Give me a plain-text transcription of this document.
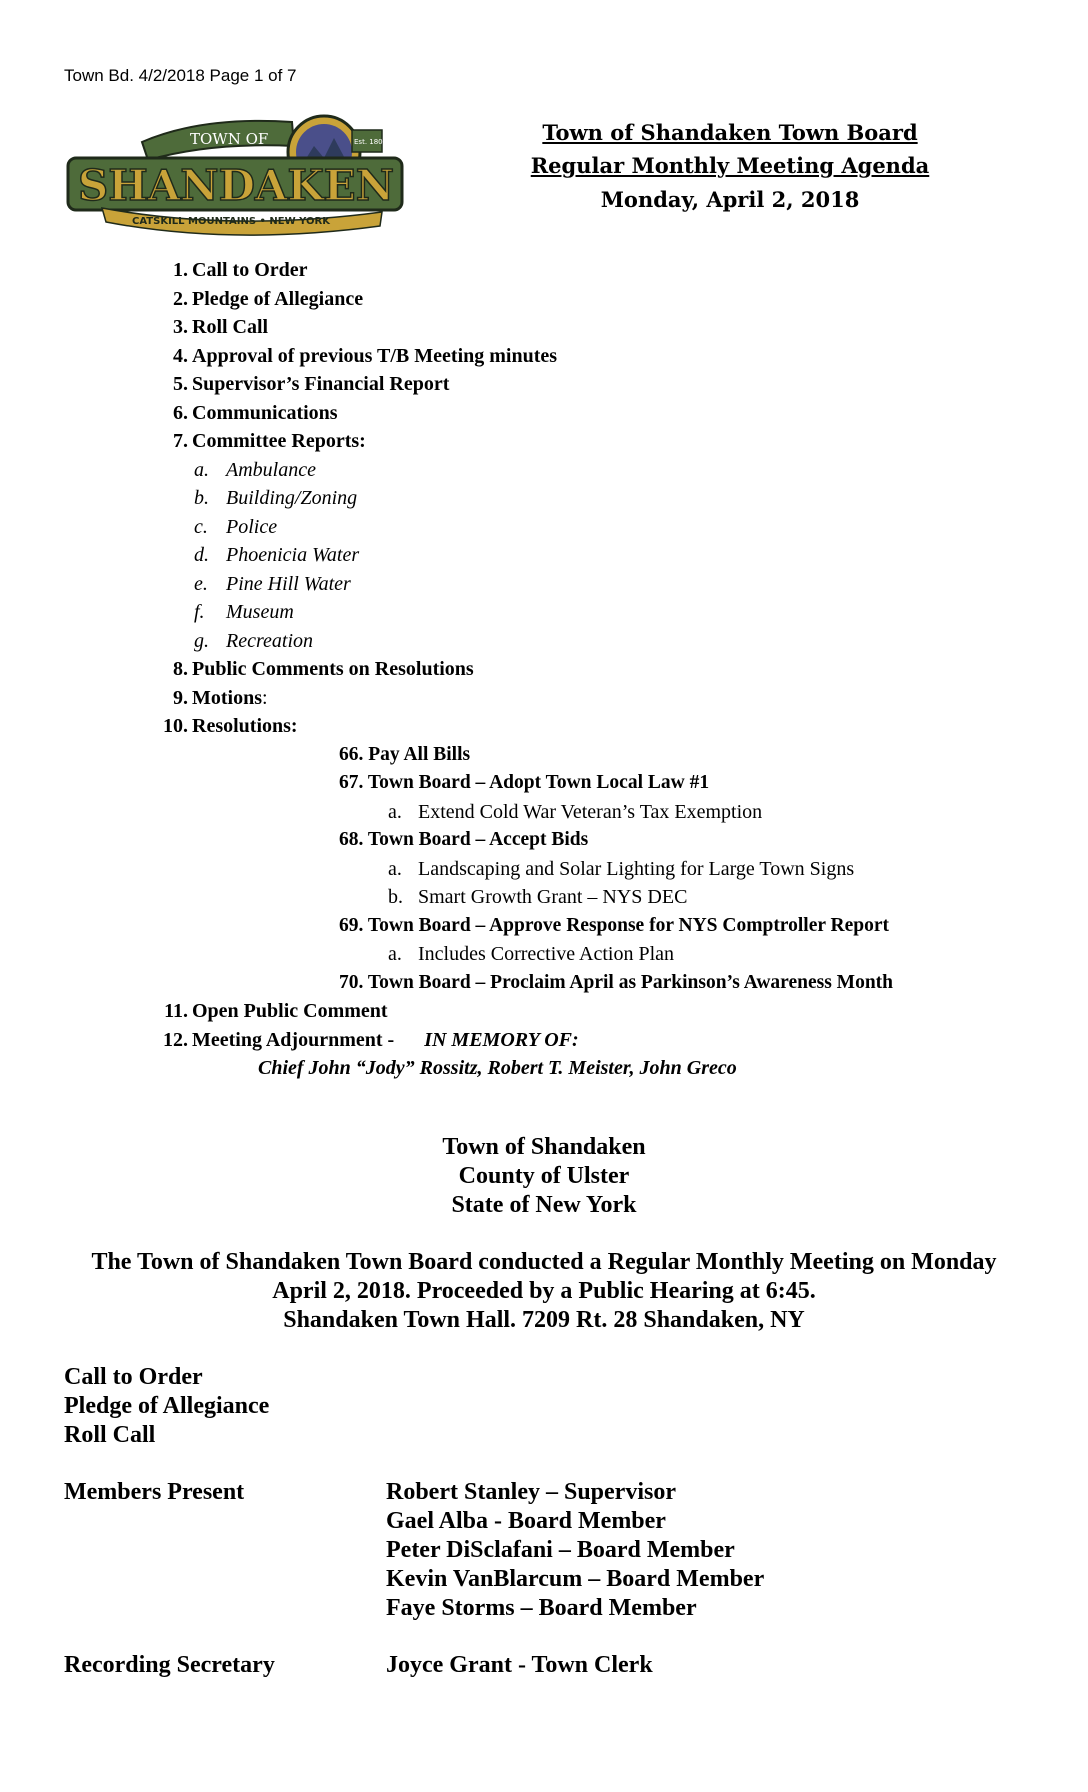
Town Bd. 4/2/2018 Page 1 of 7
TOWN OF	Est. 1804
SHANDAKEN
CATSKILL MOUNTAINS • NEW YORK
Town of Shandaken Town Board
Regular Monthly Meeting Agenda
Monday, April 2, 2018
1. Call to Order
2. Pledge of Allegiance
3. Roll Call
4. Approval of previous T/B Meeting minutes
5. Supervisor’s Financial Report
6. Communications
7. Committee Reports:
a. Ambulance
b. Building/Zoning
c. Police
d. Phoenicia Water
e. Pine Hill Water
f. Museum
g. Recreation
8. Public Comments on Resolutions
9. Motions:
10. Resolutions:
66. Pay All Bills
67. Town Board – Adopt Town Local Law #1
a. Extend Cold War Veteran’s Tax Exemption
68. Town Board – Accept Bids
a. Landscaping and Solar Lighting for Large Town Signs
b. Smart Growth Grant – NYS DEC
69. Town Board – Approve Response for NYS Comptroller Report
a. Includes Corrective Action Plan
70. Town Board – Proclaim April as Parkinson’s Awareness Month
11. Open Public Comment
12. Meeting Adjournment - IN MEMORY OF:
Chief John “Jody” Rossitz, Robert T. Meister, John Greco
Town of Shandaken
County of Ulster
State of New York
The Town of Shandaken Town Board conducted a Regular Monthly Meeting on Monday
April 2, 2018. Proceeded by a Public Hearing at 6:45.
Shandaken Town Hall. 7209 Rt. 28 Shandaken, NY
Call to Order
Pledge of Allegiance
Roll Call
Members Present	Robert Stanley – Supervisor
Gael Alba - Board Member
Peter DiSclafani – Board Member
Kevin VanBlarcum – Board Member
Faye Storms – Board Member
Recording Secretary	Joyce Grant - Town Clerk
